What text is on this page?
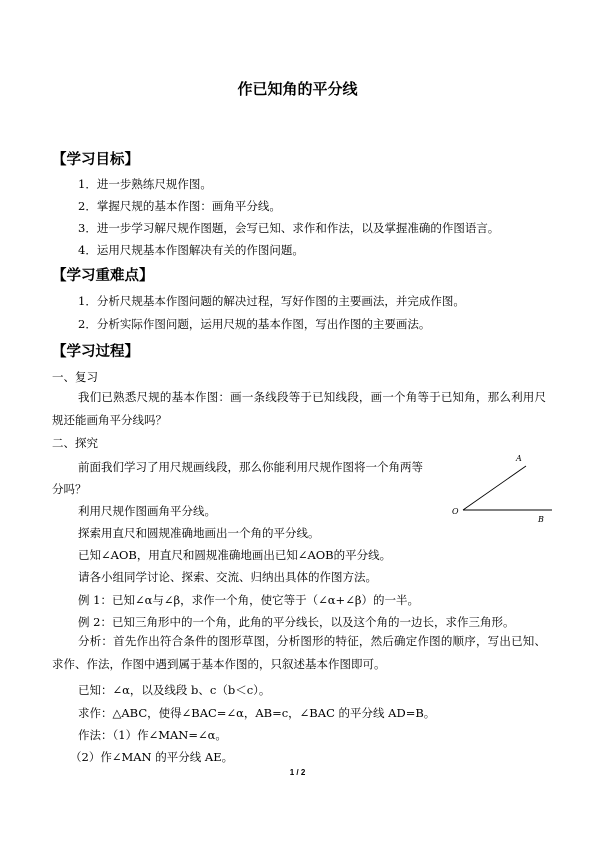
作已知角的平分线
【学习目标】
1．进一步熟练尺规作图。
2．掌握尺规的基本作图：画角平分线。
3．进一步学习解尺规作图题，会写已知、求作和作法，以及掌握准确的作图语言。
4．运用尺规基本作图解决有关的作图问题。
【学习重难点】
1．分析尺规基本作图问题的解决过程，写好作图的主要画法，并完成作图。
2．分析实际作图问题，运用尺规的基本作图，写出作图的主要画法。
【学习过程】
一、复习
我们已熟悉尺规的基本作图：画一条线段等于已知线段，画一个角等于已知角，那么利用尺规还能画角平分线吗？
二、探究
前面我们学习了用尺规画线段，那么你能利用尺规作图将一个角两等
分吗？
利用尺规作图画角平分线。
探索用直尺和圆规准确地画出一个角的平分线。
已知∠AOB，用直尺和圆规准确地画出已知∠AOB的平分线。
请各小组同学讨论、探索、交流、归纳出具体的作图方法。
例 1：已知∠α与∠β，求作一个角，使它等于（∠α+∠β）的一半。
例 2：已知三角形中的一个角，此角的平分线长，以及这个角的一边长，求作三角形。
分析：首先作出符合条件的图形草图，分析图形的特征，然后确定作图的顺序，写出已知、求作、作法，作图中遇到属于基本作图的，只叙述基本作图即可。
已知：∠α，以及线段 b、c（b＜c）。
求作：△ABC，使得∠BAC=∠α，AB=c，∠BAC 的平分线 AD=B。
作法：（1）作∠MAN=∠α。
（2）作∠MAN 的平分线 AE。
A
O
B
1 / 2
